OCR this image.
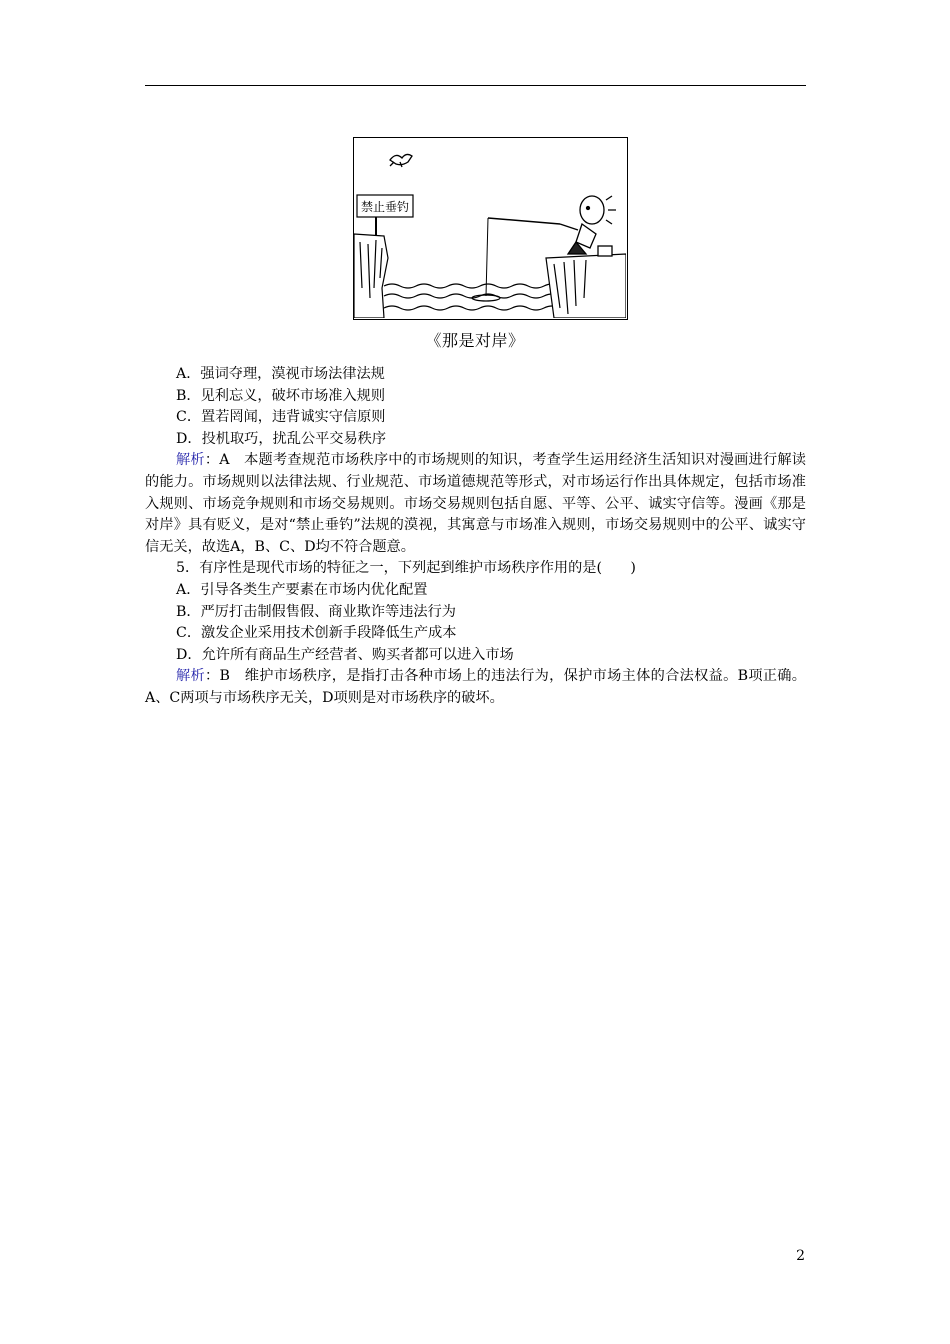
禁止垂钓
《那是对岸》

A．强词夺理，漠视市场法律法规

B．见利忘义，破坏市场准入规则

C．置若罔闻，违背诚实守信原则

D．投机取巧，扰乱公平交易秩序

解析：A　本题考查规范市场秩序中的市场规则的知识，考查学生运用经济生活知识对漫画进行解读的能力。市场规则以法律法规、行业规范、市场道德规范等形式，对市场运行作出具体规定，包括市场准入规则、市场竞争规则和市场交易规则。市场交易规则包括自愿、平等、公平、诚实守信等。漫画《那是对岸》具有贬义，是对“禁止垂钓”法规的漠视，其寓意与市场准入规则，市场交易规则中的公平、诚实守信无关，故选A，B、C、D均不符合题意。

5．有序性是现代市场的特征之一，下列起到维护市场秩序作用的是(　　)

A．引导各类生产要素在市场内优化配置

B．严厉打击制假售假、商业欺诈等违法行为

C．激发企业采用技术创新手段降低生产成本

D．允许所有商品生产经营者、购买者都可以进入市场

解析：B　维护市场秩序，是指打击各种市场上的违法行为，保护市场主体的合法权益。B项正确。A、C两项与市场秩序无关，D项则是对市场秩序的破坏。

2
